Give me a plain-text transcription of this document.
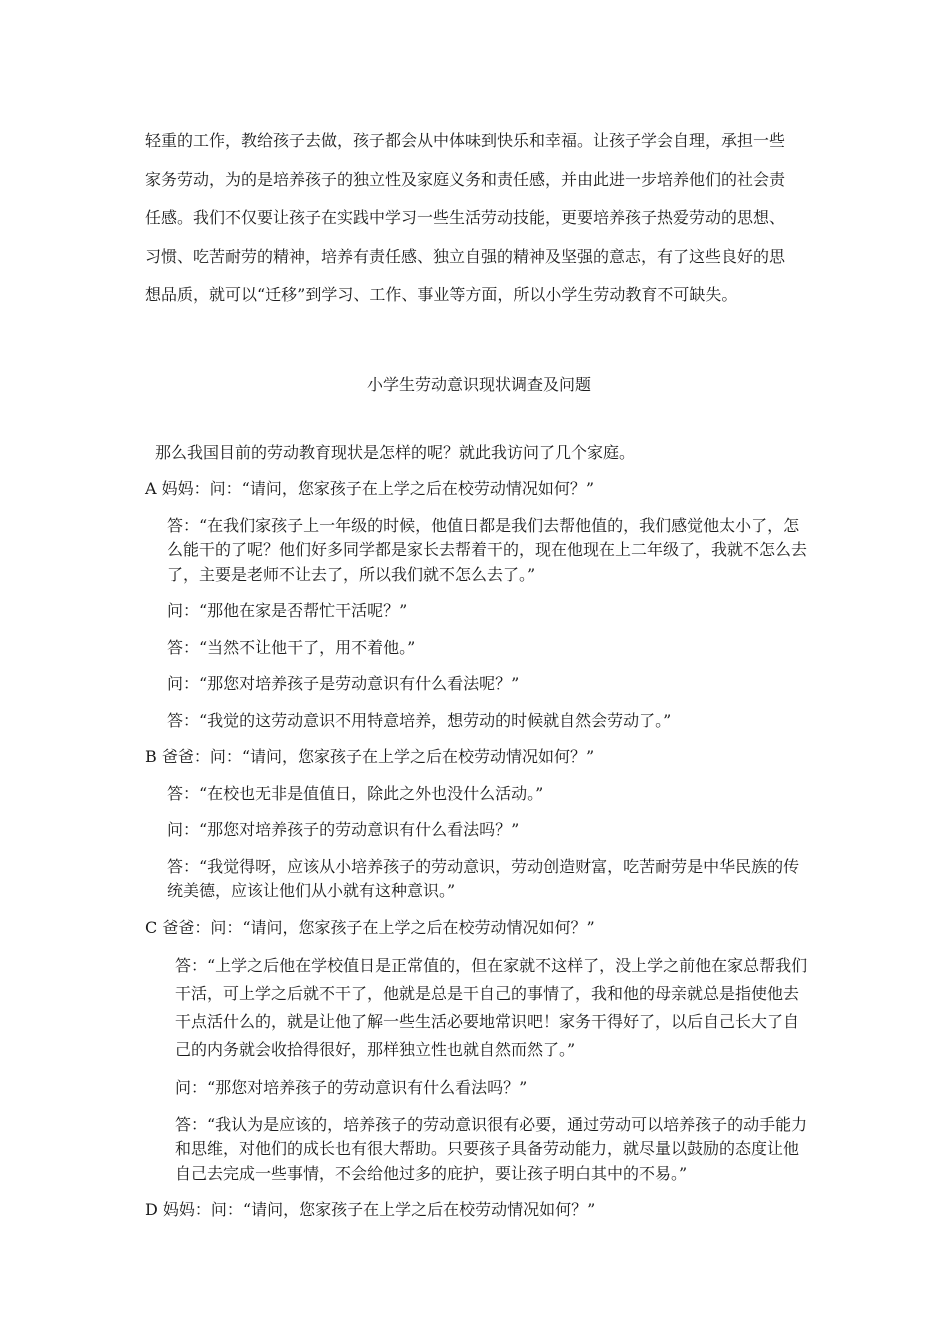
轻重的工作，教给孩子去做，孩子都会从中体味到快乐和幸福。让孩子学会自理，承担一些

家务劳动，为的是培养孩子的独立性及家庭义务和责任感，并由此进一步培养他们的社会责

任感。我们不仅要让孩子在实践中学习一些生活劳动技能，更要培养孩子热爱劳动的思想、

习惯、吃苦耐劳的精神，培养有责任感、独立自强的精神及坚强的意志，有了这些良好的思

想品质，就可以“迁移”到学习、工作、事业等方面，所以小学生劳动教育不可缺失。

小学生劳动意识现状调查及问题

那么我国目前的劳动教育现状是怎样的呢？就此我访问了几个家庭。

A 妈妈：问：“请问，您家孩子在上学之后在校劳动情况如何？”

答：“在我们家孩子上一年级的时候，他值日都是我们去帮他值的，我们感觉他太小了，怎么能干的了呢？他们好多同学都是家长去帮着干的，现在他现在上二年级了，我就不怎么去了，主要是老师不让去了，所以我们就不怎么去了。”

问：“那他在家是否帮忙干活呢？”

答：“当然不让他干了，用不着他。”

问：“那您对培养孩子是劳动意识有什么看法呢？”

答：“我觉的这劳动意识不用特意培养，想劳动的时候就自然会劳动了。”

B 爸爸：问：“请问，您家孩子在上学之后在校劳动情况如何？”

答：“在校也无非是值值日，除此之外也没什么活动。”

问：“那您对培养孩子的劳动意识有什么看法吗？”

答：“我觉得呀，应该从小培养孩子的劳动意识，劳动创造财富，吃苦耐劳是中华民族的传统美德，应该让他们从小就有这种意识。”

C 爸爸：问：“请问，您家孩子在上学之后在校劳动情况如何？”

答：“上学之后他在学校值日是正常值的，但在家就不这样了，没上学之前他在家总帮我们干活，可上学之后就不干了，他就是总是干自己的事情了，我和他的母亲就总是指使他去干点活什么的，就是让他了解一些生活必要地常识吧！家务干得好了，以后自己长大了自己的内务就会收拾得很好，那样独立性也就自然而然了。”

问：“那您对培养孩子的劳动意识有什么看法吗？”

答：“我认为是应该的，培养孩子的劳动意识很有必要，通过劳动可以培养孩子的动手能力和思维，对他们的成长也有很大帮助。只要孩子具备劳动能力，就尽量以鼓励的态度让他自己去完成一些事情，不会给他过多的庇护，要让孩子明白其中的不易。”

D 妈妈：问：“请问，您家孩子在上学之后在校劳动情况如何？”
